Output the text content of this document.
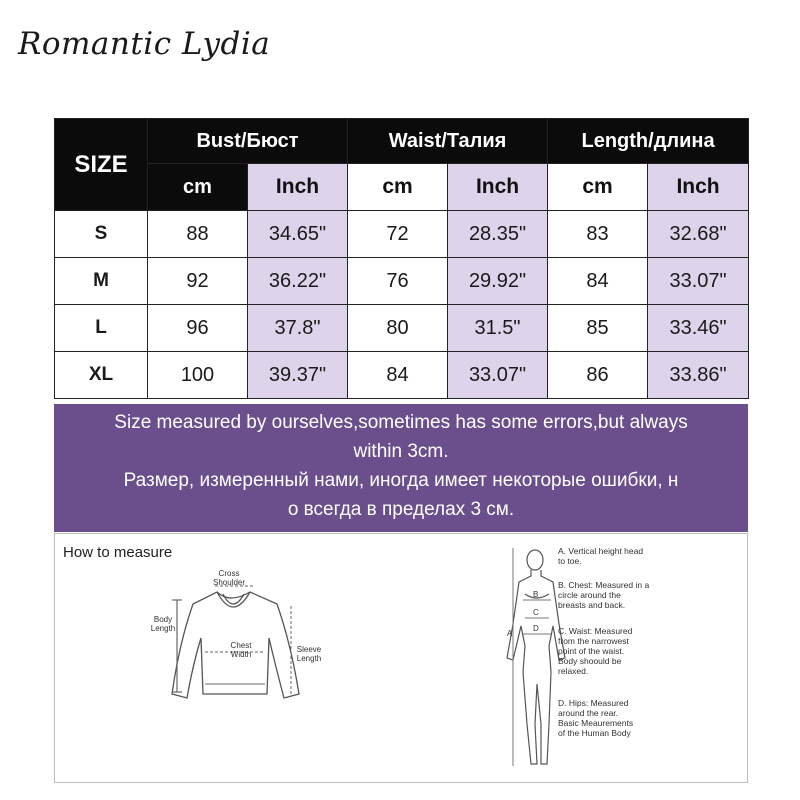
Romantic Lydia
SIZE	Bust/Бюст		Waist/Талия		Length/длина	
	cm	Inch	cm	Inch	cm	Inch
S	88	34.65"	72	28.35"	83	32.68"
M	92	36.22"	76	29.92"	84	33.07"
L	96	37.8"	80	31.5"	85	33.46"
XL	100	39.37"	84	33.07"	86	33.86"
Size measured by ourselves,sometimes has some errors,but always
within 3cm.
Размер, измеренный нами, иногда имеет некоторые ошибки, н
о всегда в пределах 3 см.
How to measure
Cross
Shoulder
Body
Length
Chest
Width
Sleeve
Length
A
B
C
D
A. Vertical height head
to toe.
B. Chest: Measured in a
circle around the
breasts and back.
C. Waist: Measured
from the narrowest
point of the waist.
Body shoould be
relaxed.
D. Hips: Measured
around the rear.
Basic Meaurements
of the Human Body
